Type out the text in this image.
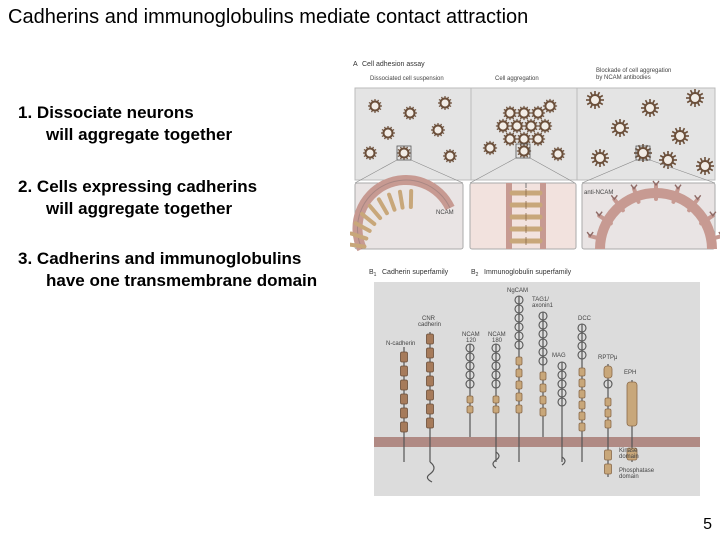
Cadherins and immunoglobulins mediate contact attraction
1. Dissociate neurons
will aggregate together
2. Cells expressing cadherins
will aggregate together
3. Cadherins and immunoglobulins
have one transmembrane domain
A Cell adhesion assay
Dissociated cell suspension	Cell aggregation
Blockade of cell aggregation by NCAM antibodies
NCAM
anti-NCAM
$B_1$ Cadherin superfamily	$B_2$ Immunoglobulin superfamily
N-cadherin
CNR cadherin
NCAM 120
NCAM 180
NgCAM
TAG1/ axonin1
MAG
DCC
RPTPμ
EPH
Kinase domain
Phosphatase domain
5
